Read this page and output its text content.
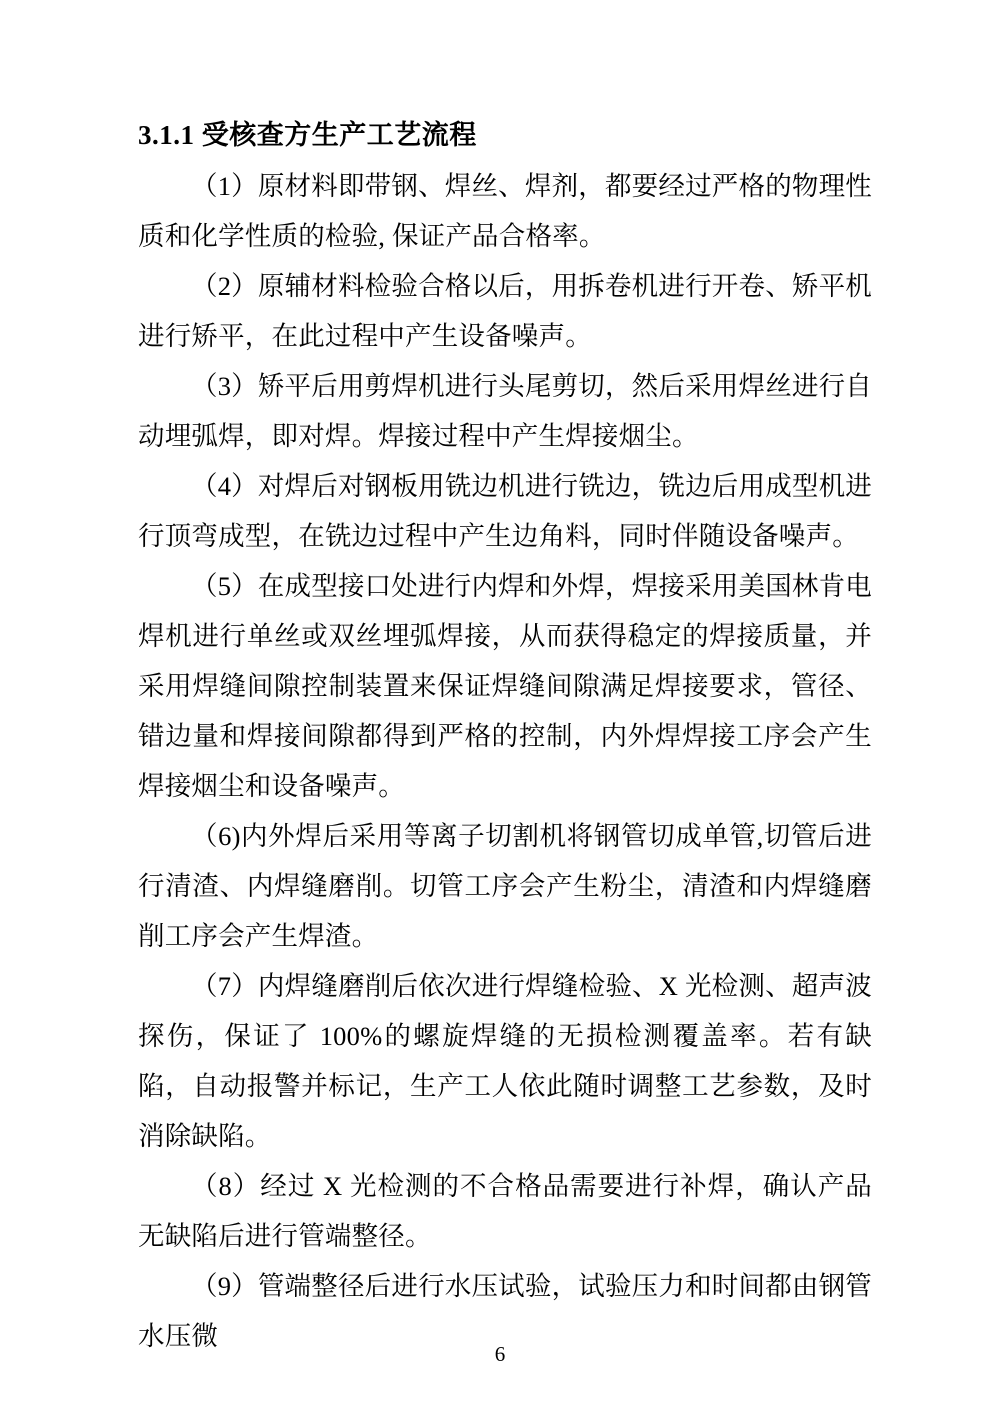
3.1.1 受核查方生产工艺流程

（1）原材料即带钢、焊丝、焊剂，都要经过严格的物理性质和化学性质的检验, 保证产品合格率。

（2）原辅材料检验合格以后，用拆卷机进行开卷、矫平机进行矫平，在此过程中产生设备噪声。

（3）矫平后用剪焊机进行头尾剪切，然后采用焊丝进行自动埋弧焊，即对焊。焊接过程中产生焊接烟尘。

（4）对焊后对钢板用铣边机进行铣边，铣边后用成型机进行顶弯成型，在铣边过程中产生边角料，同时伴随设备噪声。

（5）在成型接口处进行内焊和外焊，焊接采用美国林肯电焊机进行单丝或双丝埋弧焊接，从而获得稳定的焊接质量，并采用焊缝间隙控制装置来保证焊缝间隙满足焊接要求，管径、错边量和焊接间隙都得到严格的控制，内外焊焊接工序会产生焊接烟尘和设备噪声。

（6)内外焊后采用等离子切割机将钢管切成单管,切管后进行清渣、内焊缝磨削。切管工序会产生粉尘，清渣和内焊缝磨削工序会产生焊渣。

（7）内焊缝磨削后依次进行焊缝检验、X 光检测、超声波探伤，保证了 100%的螺旋焊缝的无损检测覆盖率。若有缺陷，自动报警并标记，生产工人依此随时调整工艺参数，及时消除缺陷。

（8）经过 X 光检测的不合格品需要进行补焊，确认产品无缺陷后进行管端整径。

（9）管端整径后进行水压试验，试验压力和时间都由钢管水压微

6
